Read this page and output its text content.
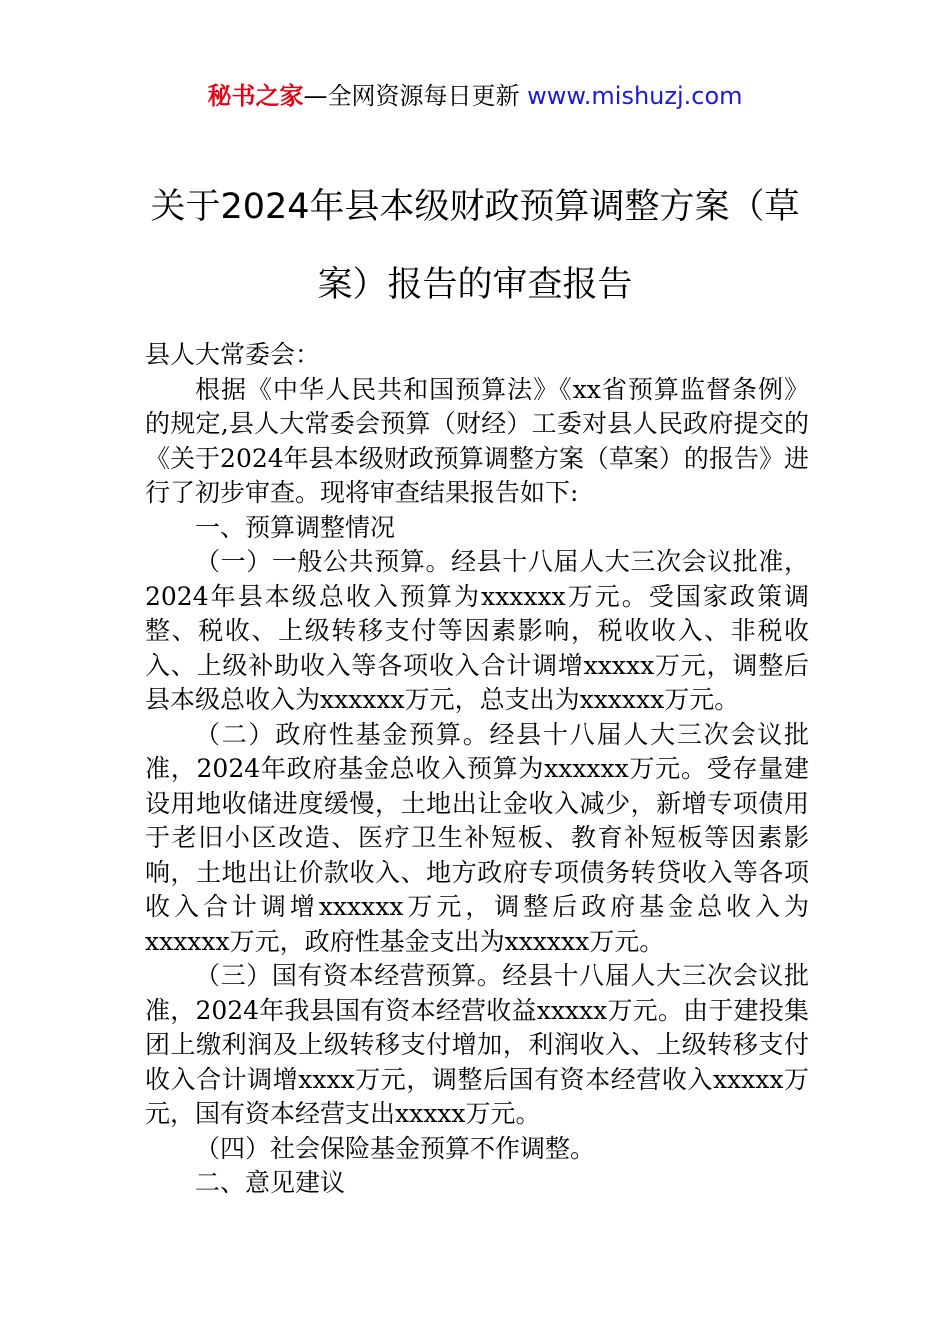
秘书之家—全网资源每日更新 www.mishuzj.com
关于2024年县本级财政预算调整方案（草案）报告的审查报告

县人大常委会：

根据《中华人民共和国预算法》《xx省预算监督条例》的规定,县人大常委会预算（财经）工委对县人民政府提交的《关于2024年县本级财政预算调整方案（草案）的报告》进行了初步审查。现将审查结果报告如下:

一、预算调整情况

（一）一般公共预算。经县十八届人大三次会议批准，2024年县本级总收入预算为xxxxxx万元。受国家政策调整、税收、上级转移支付等因素影响，税收收入、非税收入、上级补助收入等各项收入合计调增xxxxx万元，调整后县本级总收入为xxxxxx万元，总支出为xxxxxx万元。

（二）政府性基金预算。经县十八届人大三次会议批准，2024年政府基金总收入预算为xxxxxx万元。受存量建设用地收储进度缓慢，土地出让金收入减少，新增专项债用于老旧小区改造、医疗卫生补短板、教育补短板等因素影响，土地出让价款收入、地方政府专项债务转贷收入等各项收入合计调增xxxxxx万元，调整后政府基金总收入为xxxxxx万元，政府性基金支出为xxxxxx万元。

（三）国有资本经营预算。经县十八届人大三次会议批准，2024年我县国有资本经营收益xxxxx万元。由于建投集团上缴利润及上级转移支付增加，利润收入、上级转移支付收入合计调增xxxx万元，调整后国有资本经营收入xxxxx万元，国有资本经营支出xxxxx万元。

（四）社会保险基金预算不作调整。

二、意见建议
